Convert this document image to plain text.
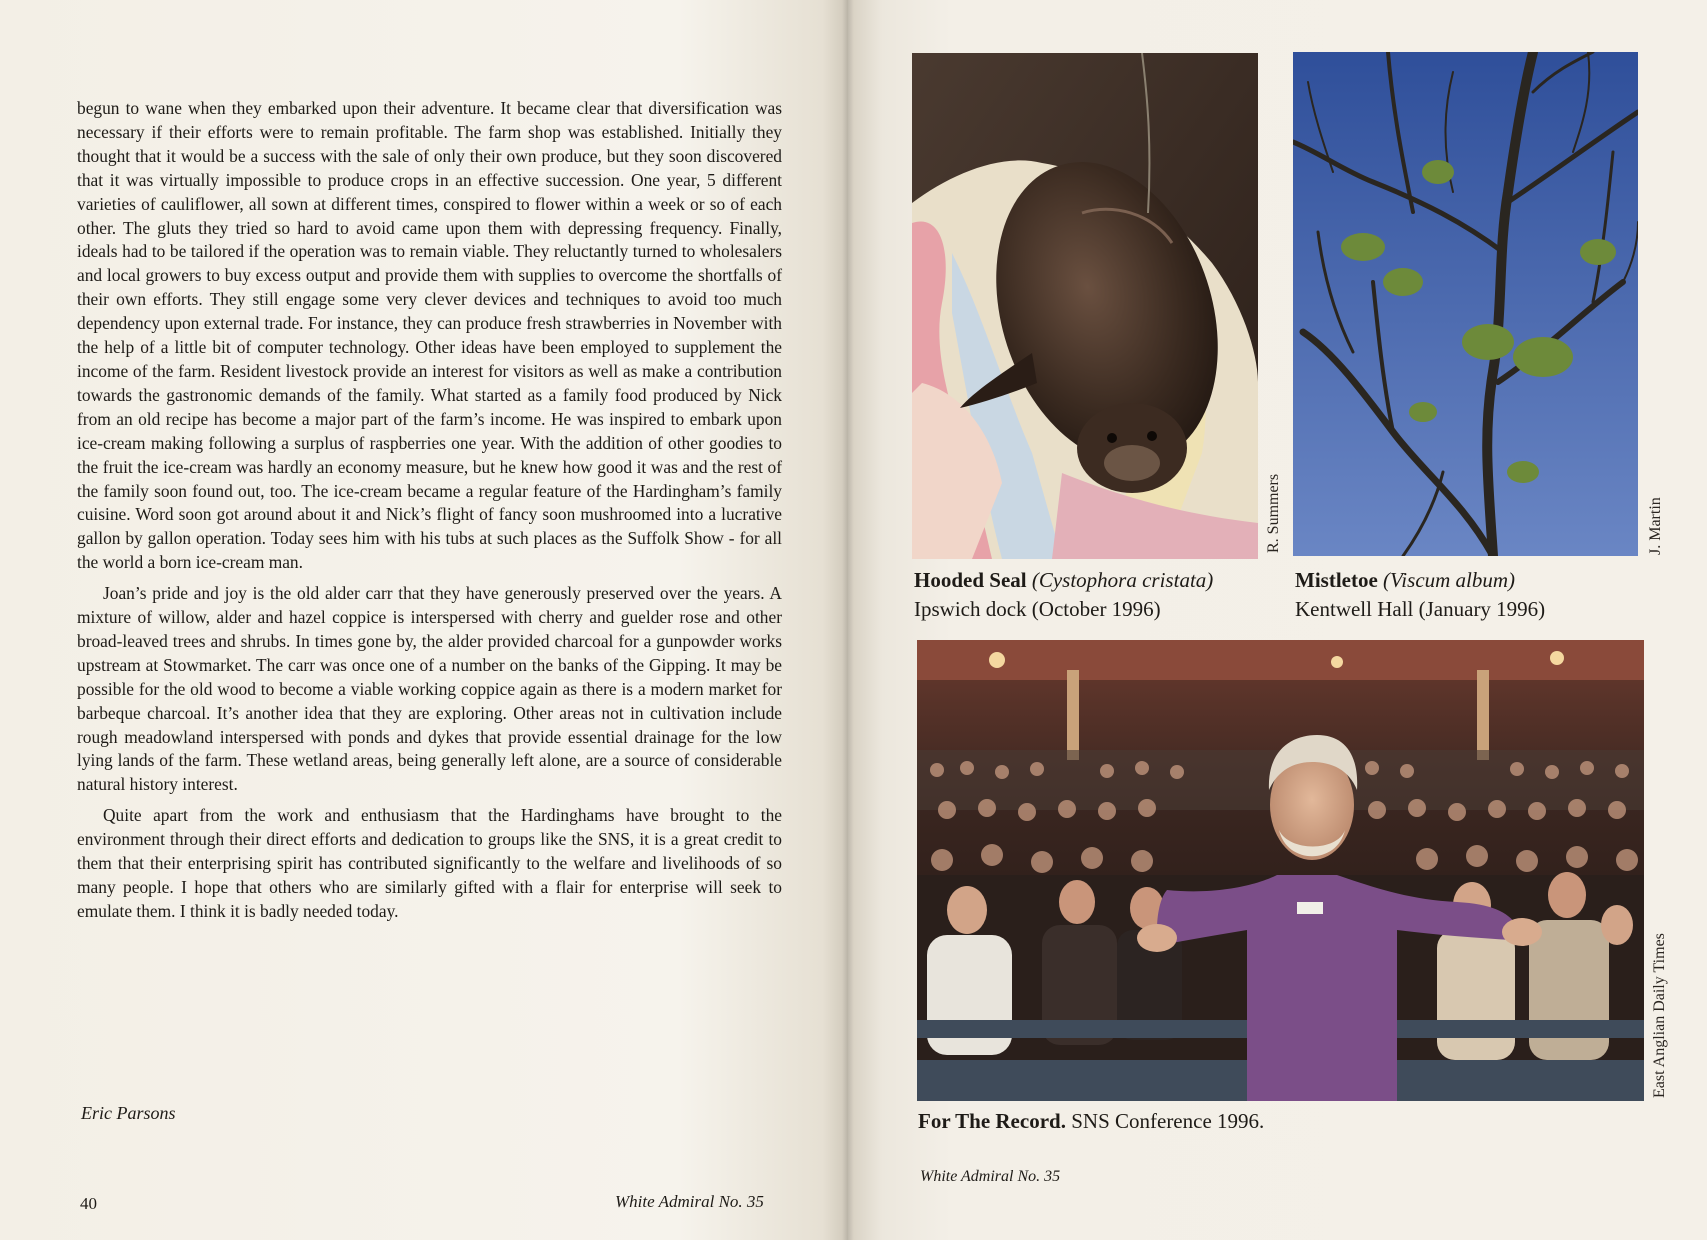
begun to wane when they embarked upon their adventure. It became clear that diversification was necessary if their efforts were to remain profitable. The farm shop was established. Initially they thought that it would be a success with the sale of only their own produce, but they soon discovered that it was virtually impossible to produce crops in an effective succession. One year, 5 different varieties of cauliflower, all sown at different times, conspired to flower within a week or so of each other. The gluts they tried so hard to avoid came upon them with depressing frequency. Finally, ideals had to be tailored if the operation was to remain viable. They reluctantly turned to wholesalers and local growers to buy excess output and provide them with supplies to overcome the shortfalls of their own efforts. They still engage some very clever devices and techniques to avoid too much dependency upon external trade. For instance, they can produce fresh strawberries in November with the help of a little bit of computer technology. Other ideas have been employed to supplement the income of the farm. Resident livestock provide an interest for visitors as well as make a contribution towards the gastronomic demands of the family. What started as a family food produced by Nick from an old recipe has become a major part of the farm’s income. He was inspired to embark upon ice-cream making following a surplus of raspberries one year. With the addition of other goodies to the fruit the ice-cream was hardly an economy measure, but he knew how good it was and the rest of the family soon found out, too. The ice-cream became a regular feature of the Hardingham’s family cuisine. Word soon got around about it and Nick’s flight of fancy soon mushroomed into a lucrative gallon by gallon operation. Today sees him with his tubs at such places as the Suffolk Show - for all the world a born ice-cream man.

Joan’s pride and joy is the old alder carr that they have generously preserved over the years. A mixture of willow, alder and hazel coppice is interspersed with cherry and guelder rose and other broad-leaved trees and shrubs. In times gone by, the alder provided charcoal for a gunpowder works upstream at Stowmarket. The carr was once one of a number on the banks of the Gipping. It may be possible for the old wood to become a viable working coppice again as there is a modern market for barbeque charcoal. It’s another idea that they are exploring. Other areas not in cultivation include rough meadowland interspersed with ponds and dykes that provide essential drainage for the low lying lands of the farm. These wetland areas, being generally left alone, are a source of considerable natural history interest.

Quite apart from the work and enthusiasm that the Hardinghams have brought to the environment through their direct efforts and dedication to groups like the SNS, it is a great credit to them that their enterprising spirit has contributed significantly to the welfare and livelihoods of so many people. I hope that others who are similarly gifted with a flair for enterprise will seek to emulate them. I think it is badly needed today.

Eric Parsons
40	White Admiral No. 35
R. Summers	J. Martin
Hooded Seal (Cystophora cristata)
Ipswich dock (October 1996)
Mistletoe (Viscum album)
Kentwell Hall (January 1996)
East Anglian Daily Times
For The Record. SNS Conference 1996.
White Admiral No. 35
